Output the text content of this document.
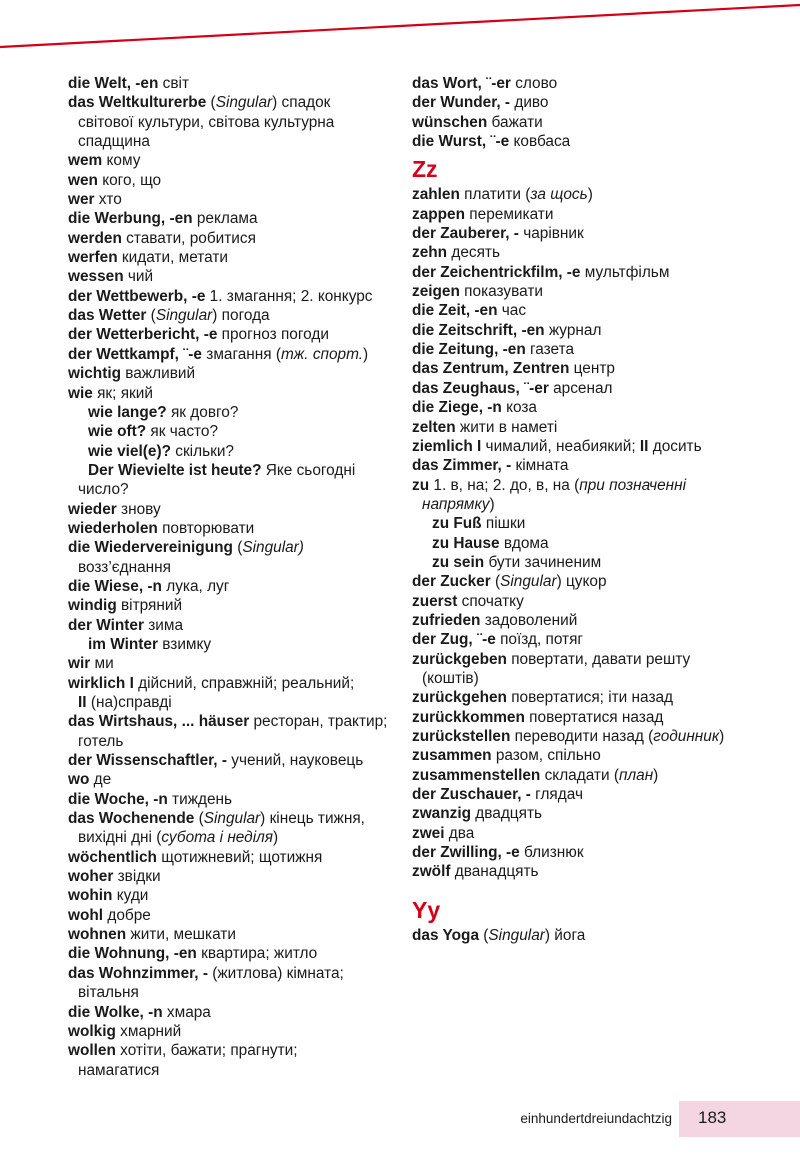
die Welt, -en світ
das Weltkulturerbe (Singular) спадок
світової культури, світова культурна
спадщина
wem кому
wen кого, що
wer хто
die Werbung, -en реклама
werden ставати, робитися
werfen кидати, метати
wessen чий
der Wettbewerb, -e 1. змагання; 2. конкурс
das Wetter (Singular) погода
der Wetterbericht, -e прогноз погоди
der Wettkampf, ¨-e змагання (тж. спорт.)
wichtig важливий
wie як; який
wie lange? як довго?
wie oft? як часто?
wie viel(e)? скільки?
Der Wievielte ist heute? Яке сьогодні
число?
wieder знову
wiederholen повторювати
die Wiedervereinigung (Singular)
возз’єднання
die Wiese, -n лука, луг
windig вітряний
der Winter зима
im Winter взимку
wir ми
wirklich I дійсний, справжній; реальний;
II (на)справді
das Wirtshaus, ... häuser ресторан, трактир;
готель
der Wissenschaftler, - учений, науковець
wo де
die Woche, -n тиждень
das Wochenende (Singular) кінець тижня,
вихідні дні (субота і неділя)
wöchentlich щотижневий; щотижня
woher звідки
wohin куди
wohl добре
wohnen жити, мешкати
die Wohnung, -en квартира; житло
das Wohnzimmer, - (житлова) кімната;
вітальня
die Wolke, -n хмара
wolkig хмарний
wollen хотіти, бажати; прагнути;
намагатися
das Wort, ¨-er слово
der Wunder, - диво
wünschen бажати
die Wurst, ¨-e ковбаса
Zz
zahlen платити (за щось)
zappen перемикати
der Zauberer, - чарівник
zehn десять
der Zeichentrickfilm, -e мультфільм
zeigen показувати
die Zeit, -en час
die Zeitschrift, -en журнал
die Zeitung, -en газета
das Zentrum, Zentren центр
das Zeughaus, ¨-er арсенал
die Ziege, -n коза
zelten жити в наметі
ziemlich I чималий, неабиякий; II досить
das Zimmer, - кімната
zu 1. в, на; 2. до, в, на (при позначенні
напрямку)
zu Fuß пішки
zu Hause вдома
zu sein бути зачиненим
der Zucker (Singular) цукор
zuerst спочатку
zufrieden задоволений
der Zug, ¨-e поїзд, потяг
zurückgeben повертати, давати решту
(коштів)
zurückgehen повертатися; іти назад
zurückkommen повертатися назад
zurückstellen переводити назад (годинник)
zusammen разом, спільно
zusammenstellen складати (план)
der Zuschauer, - глядач
zwanzig двадцять
zwei два
der Zwilling, -e близнюк
zwölf дванадцять
Yy
das Yoga (Singular) йога
einhundertdreiundachtzig 183
